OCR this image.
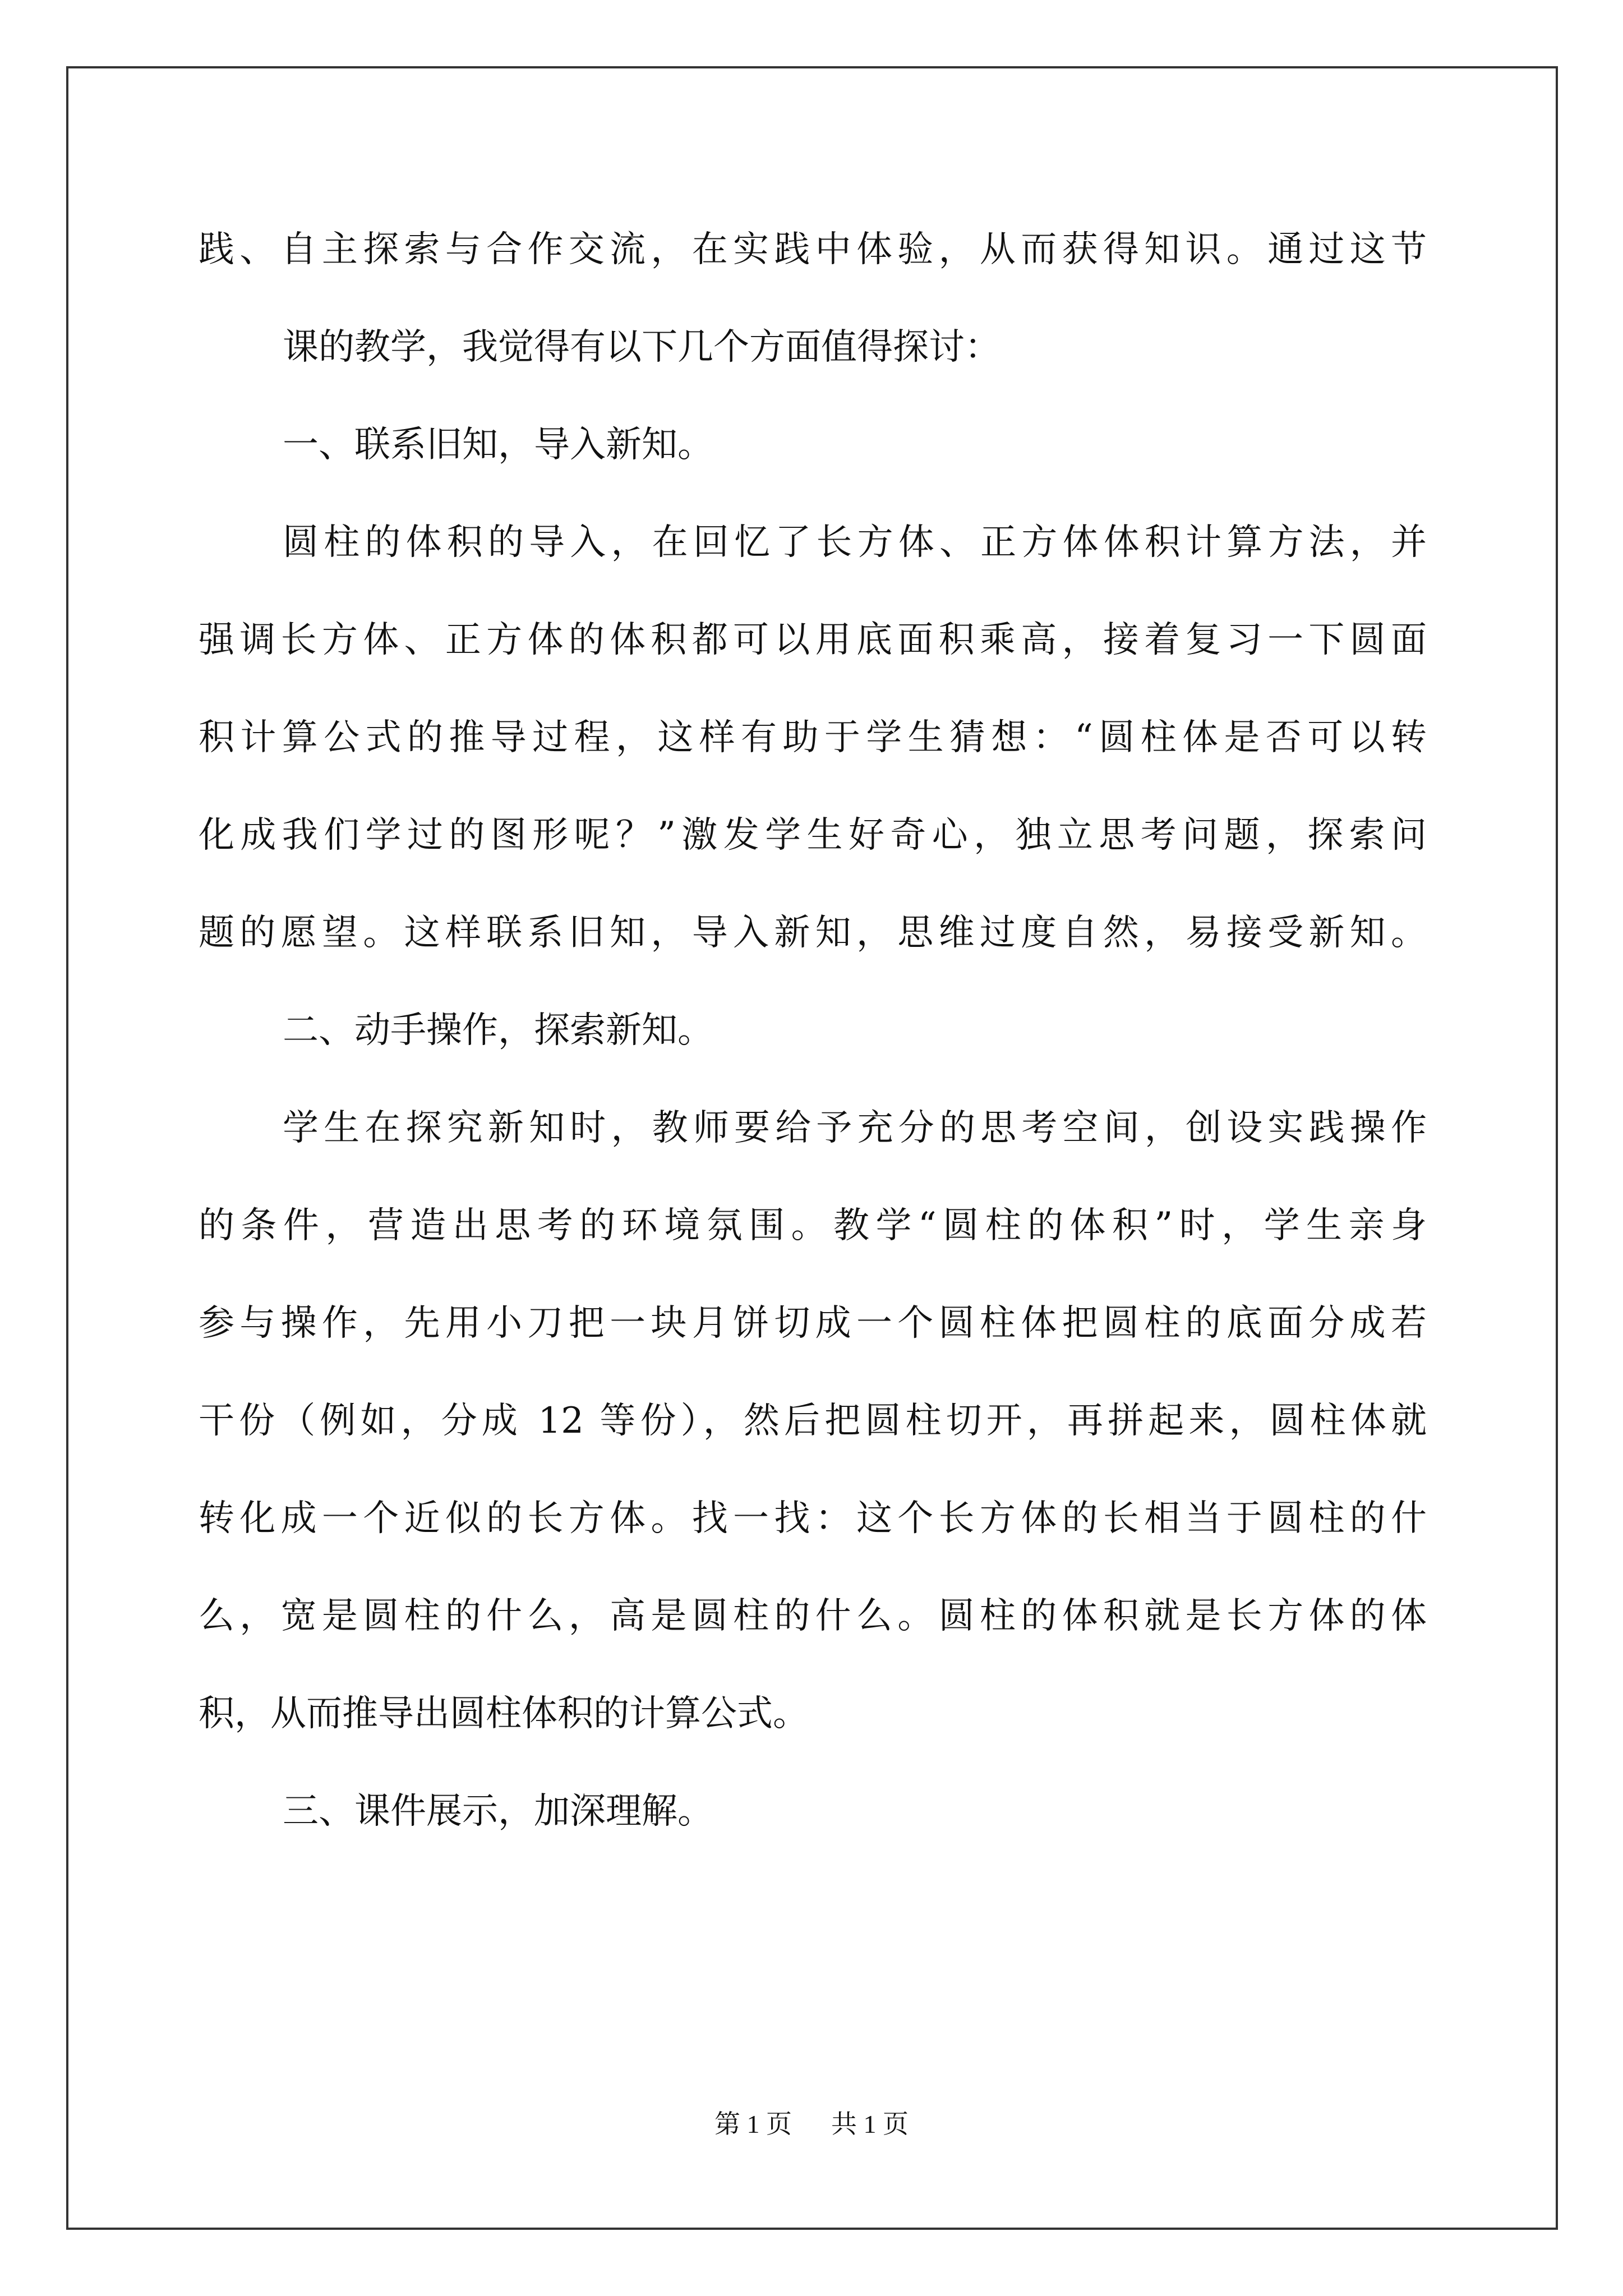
践、自主探索与合作交流，在实践中体验，从而获得知识。通过这节
课的教学，我觉得有以下几个方面值得探讨：
一、联系旧知，导入新知。
圆柱的体积的导入，在回忆了长方体、正方体体积计算方法，并
强调长方体、正方体的体积都可以用底面积乘高，接着复习一下圆面
积计算公式的推导过程，这样有助于学生猜想：“圆柱体是否可以转
化成我们学过的图形呢？”激发学生好奇心，独立思考问题，探索问
题的愿望。这样联系旧知，导入新知，思维过度自然，易接受新知。
二、动手操作，探索新知。
学生在探究新知时，教师要给予充分的思考空间，创设实践操作
的条件，营造出思考的环境氛围。教学“圆柱的体积”时，学生亲身
参与操作，先用小刀把一块月饼切成一个圆柱体把圆柱的底面分成若
干份（例如，分成 12 等份），然后把圆柱切开，再拼起来，圆柱体就
转化成一个近似的长方体。找一找：这个长方体的长相当于圆柱的什
么，宽是圆柱的什么，高是圆柱的什么。圆柱的体积就是长方体的体
积，从而推导出圆柱体积的计算公式。
三、课件展示，加深理解。
第 1 页 共 1 页
